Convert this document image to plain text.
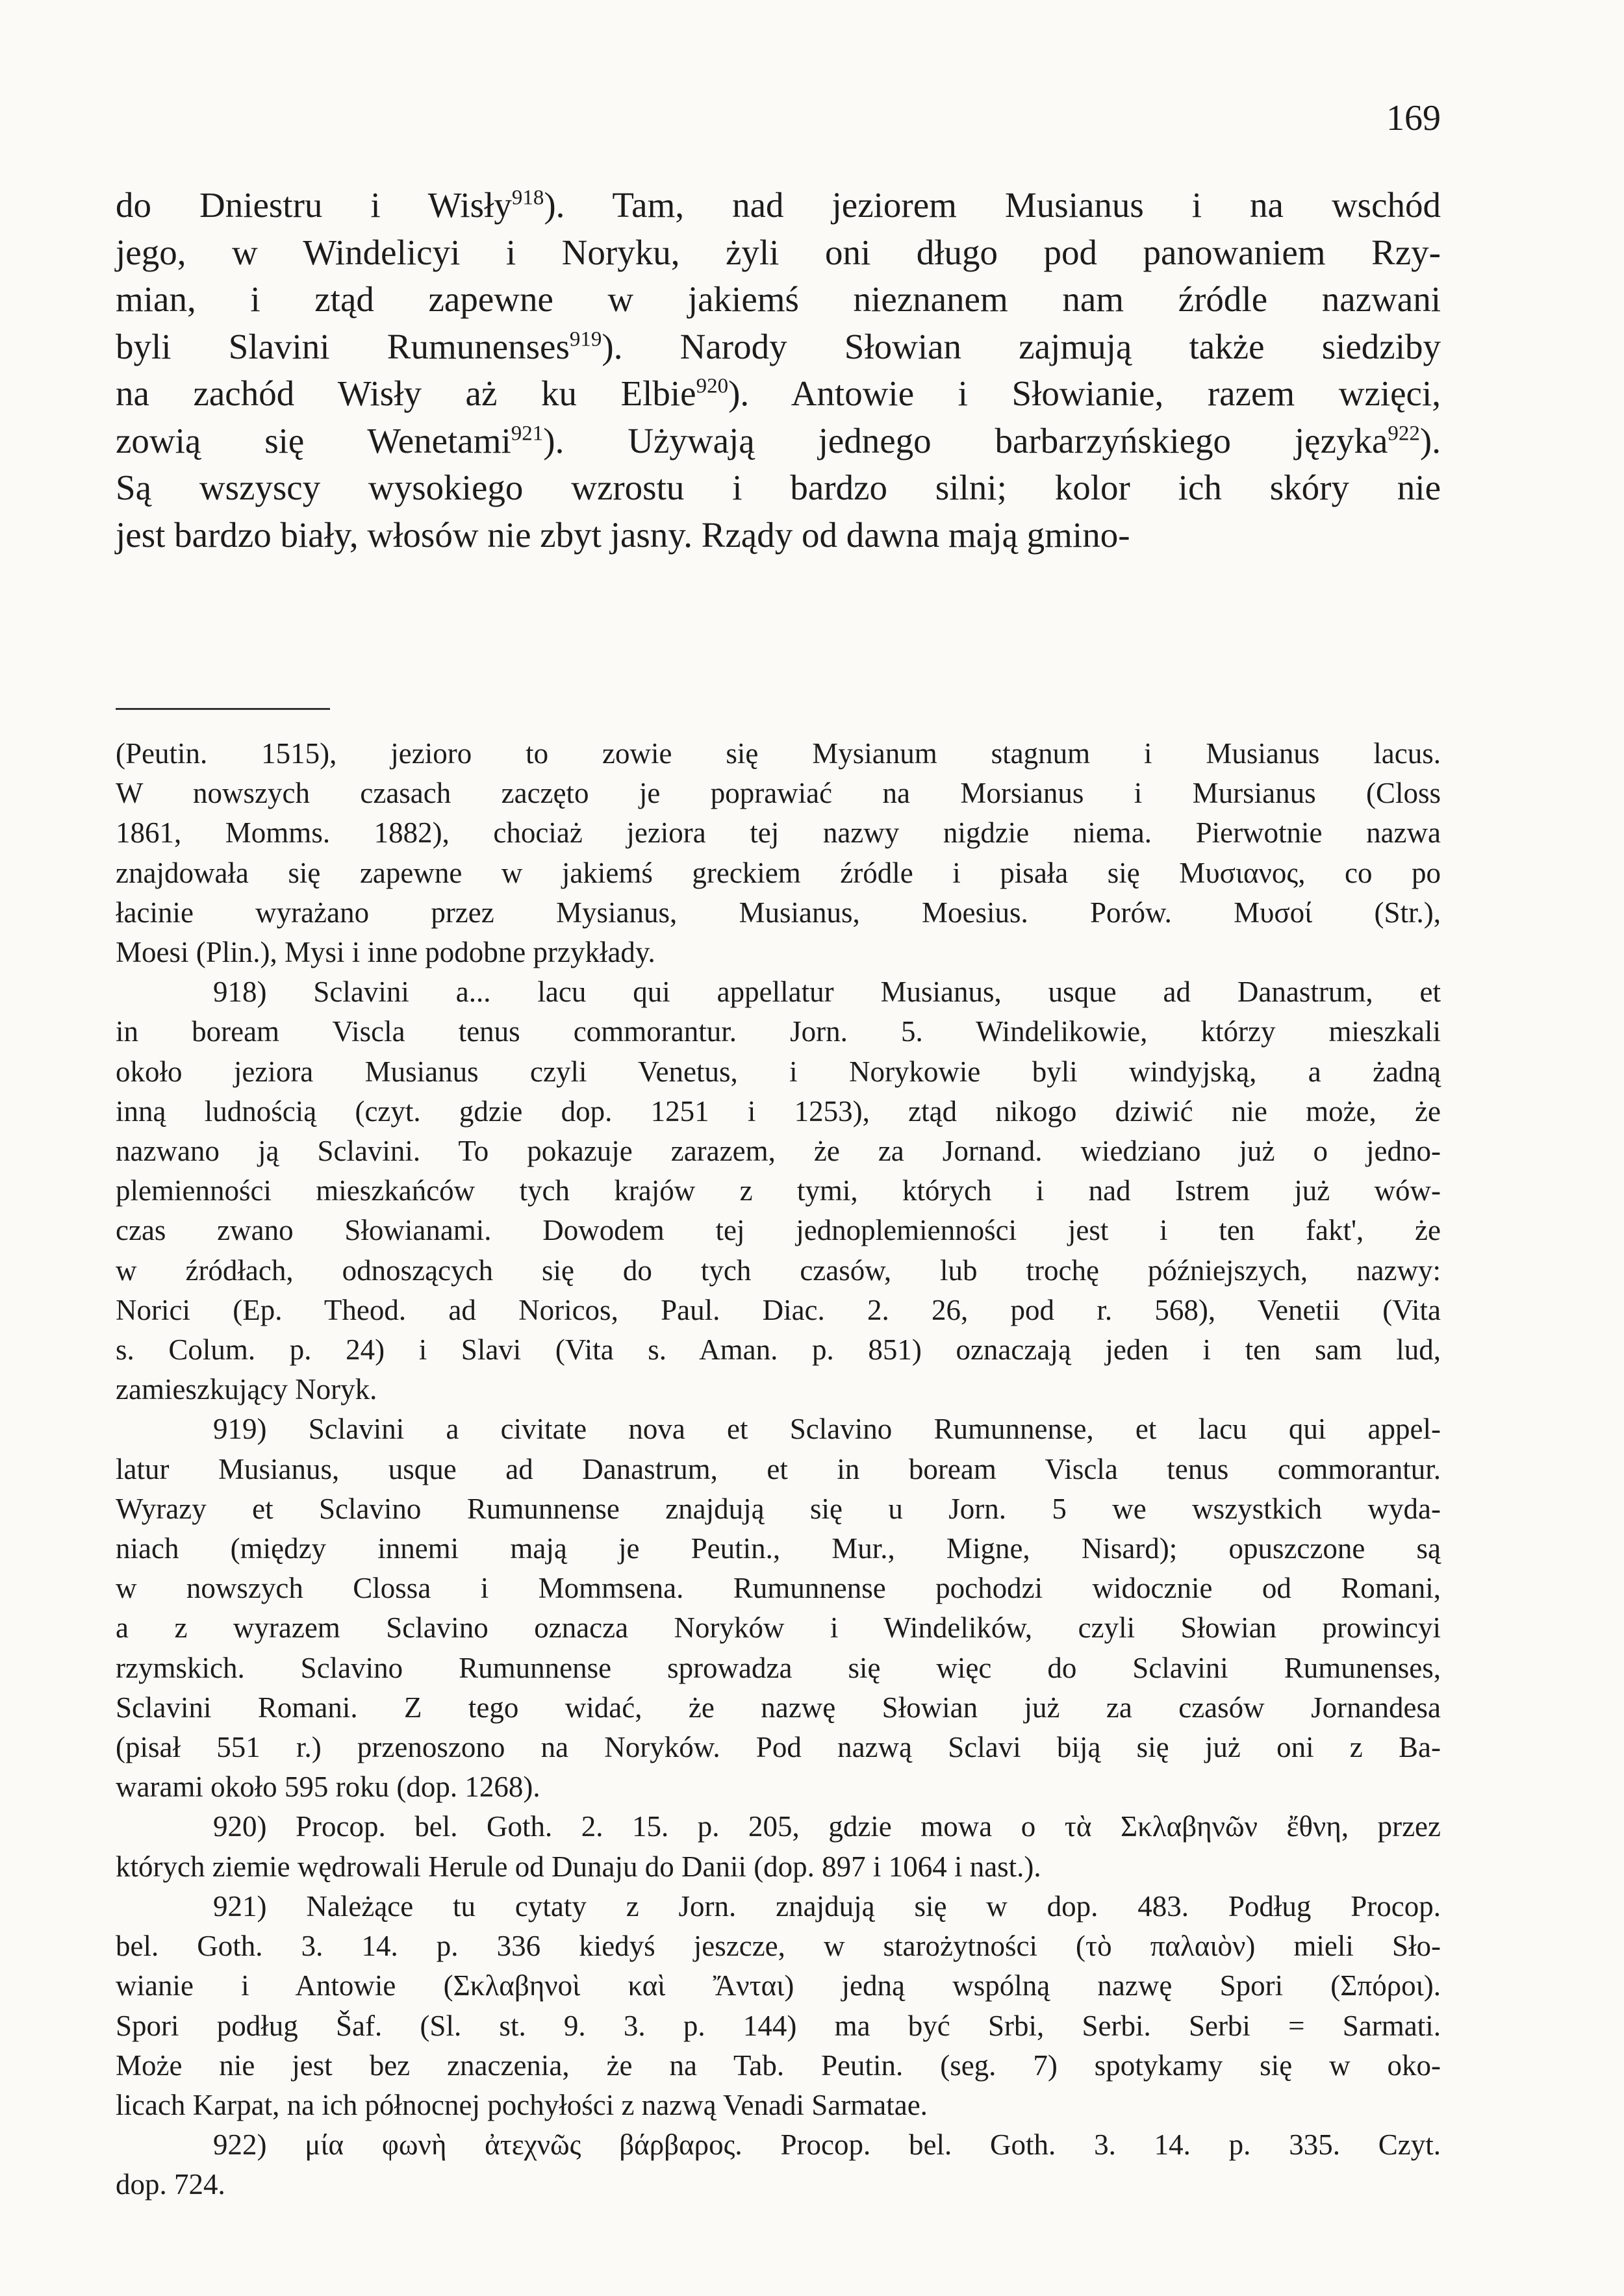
169
do Dniestru i Wisły$^{918}$). Tam, nad jeziorem Musianus i na wschód
jego, w Windelicyi i Noryku, żyli oni długo pod panowaniem Rzy-
mian, i ztąd zapewne w jakiemś nieznanem nam źródle nazwani
byli Slavini Rumunenses$^{919}$). Narody Słowian zajmują także siedziby
na zachód Wisły aż ku Elbie$^{920}$). Antowie i Słowianie, razem wzięci,
zowią się Wenetami$^{921}$). Używają jednego barbarzyńskiego języka$^{922}$).
Są wszyscy wysokiego wzrostu i bardzo silni; kolor ich skóry nie
jest bardzo biały, włosów nie zbyt jasny. Rządy od dawna mają gmino-
(Peutin. 1515), jezioro to zowie się Mysianum stagnum i Musianus lacus.
W nowszych czasach zaczęto je poprawiać na Morsianus i Mursianus (Closs
1861, Momms. 1882), chociaż jeziora tej nazwy nigdzie niema. Pierwotnie nazwa
znajdowała się zapewne w jakiemś greckiem źródle i pisała się Μυσιανος, co po
łacinie wyrażano przez Mysianus, Musianus, Moesius. Porów. Μυσοί (Str.),
Moesi (Plin.), Mysi i inne podobne przykłady.
918) Sclavini a... lacu qui appellatur Musianus, usque ad Danastrum, et
in boream Viscla tenus commorantur. Jorn. 5. Windelikowie, którzy mieszkali
około jeziora Musianus czyli Venetus, i Norykowie byli windyjską, a żadną
inną ludnością (czyt. gdzie dop. 1251 i 1253), ztąd nikogo dziwić nie może, że
nazwano ją Sclavini. To pokazuje zarazem, że za Jornand. wiedziano już o jedno-
plemienności mieszkańców tych krajów z tymi, których i nad Istrem już wów-
czas zwano Słowianami. Dowodem tej jednoplemienności jest i ten fakt', że
w źródłach, odnoszących się do tych czasów, lub trochę późniejszych, nazwy:
Norici (Ep. Theod. ad Noricos, Paul. Diac. 2. 26, pod r. 568), Venetii (Vita
s. Colum. p. 24) i Slavi (Vita s. Aman. p. 851) oznaczają jeden i ten sam lud,
zamieszkujący Noryk.
919) Sclavini a civitate nova et Sclavino Rumunnense, et lacu qui appel-
latur Musianus, usque ad Danastrum, et in boream Viscla tenus commorantur.
Wyrazy et Sclavino Rumunnense znajdują się u Jorn. 5 we wszystkich wyda-
niach (między innemi mają je Peutin., Mur., Migne, Nisard); opuszczone są
w nowszych Clossa i Mommsena. Rumunnense pochodzi widocznie od Romani,
a z wyrazem Sclavino oznacza Noryków i Windelików, czyli Słowian prowincyi
rzymskich. Sclavino Rumunnense sprowadza się więc do Sclavini Rumunenses,
Sclavini Romani. Z tego widać, że nazwę Słowian już za czasów Jornandesa
(pisał 551 r.) przenoszono na Noryków. Pod nazwą Sclavi biją się już oni z Ba-
warami około 595 roku (dop. 1268).
920) Procop. bel. Goth. 2. 15. p. 205, gdzie mowa o τὰ Σκλαβηνῶν ἔθνη, przez
których ziemie wędrowali Herule od Dunaju do Danii (dop. 897 i 1064 i nast.).
921) Należące tu cytaty z Jorn. znajdują się w dop. 483. Podług Procop.
bel. Goth. 3. 14. p. 336 kiedyś jeszcze, w starożytności (τὸ παλαιὸν) mieli Sło-
wianie i Antowie (Σκλαβηνοὶ καὶ Ἄνται) jedną wspólną nazwę Spori (Σπόροι).
Spori podług Šaf. (Sl. st. 9. 3. p. 144) ma być Srbi, Serbi. Serbi = Sarmati.
Może nie jest bez znaczenia, że na Tab. Peutin. (seg. 7) spotykamy się w oko-
licach Karpat, na ich północnej pochyłości z nazwą Venadi Sarmatae.
922) μία φωνὴ ἀτεχνῶς βάρβαρος. Procop. bel. Goth. 3. 14. p. 335. Czyt.
dop. 724.
